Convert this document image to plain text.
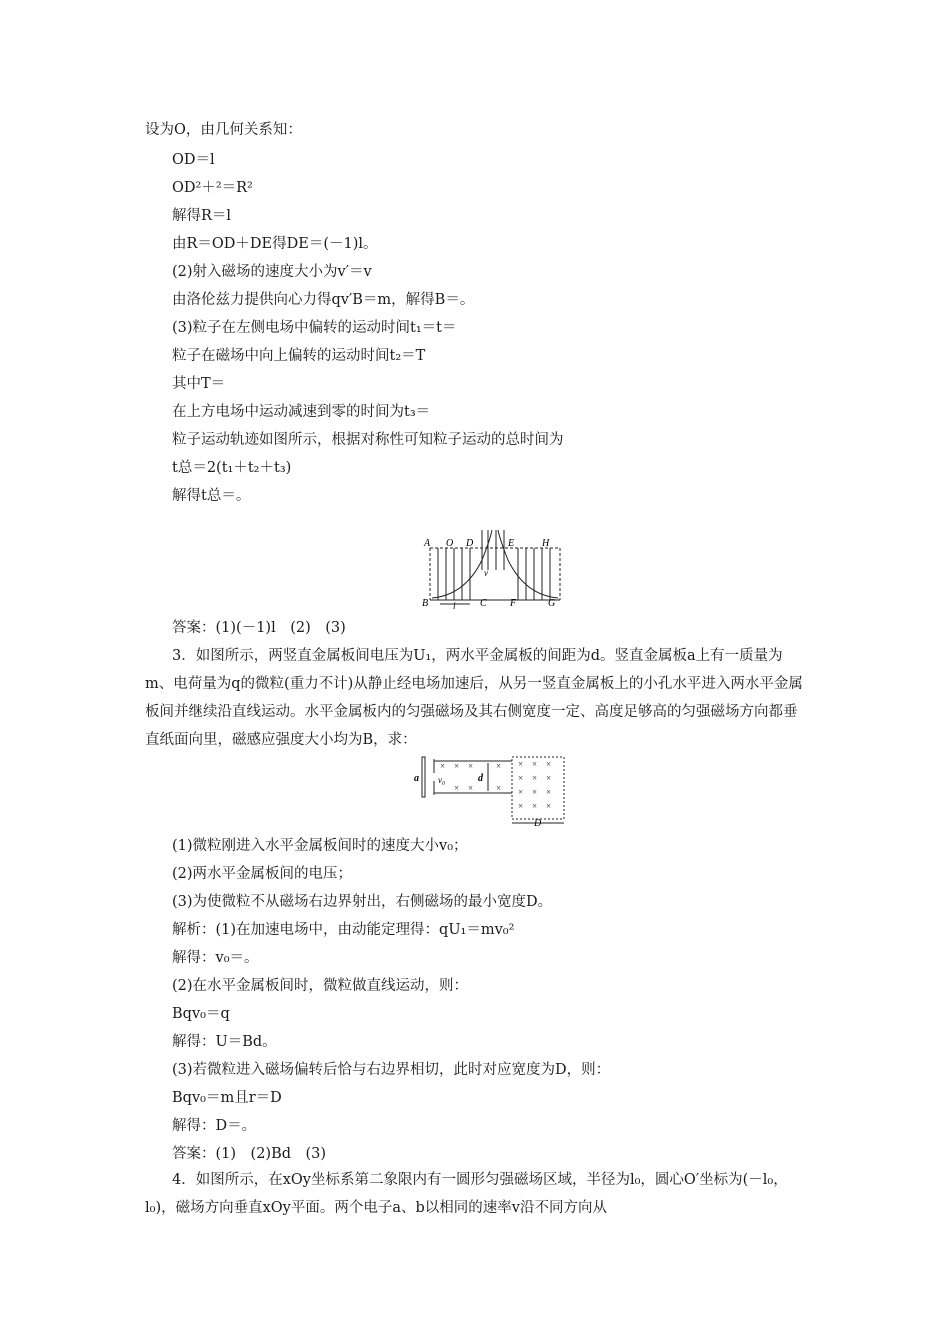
设为O，由几何关系知：
OD＝l
OD²＋²＝R²
解得R＝l
由R＝OD＋DE得DE＝(－1)l。
(2)射入磁场的速度大小为v′＝v
由洛伦兹力提供向心力得qv′B＝m，解得B＝。
(3)粒子在左侧电场中偏转的运动时间t₁＝t＝
粒子在磁场中向上偏转的运动时间t₂＝T
其中T＝
在上方电场中运动减速到零的时间为t₃＝
粒子运动轨迹如图所示，根据对称性可知粒子运动的总时间为
t总＝2(t₁＋t₂＋t₃)
解得t总＝。
A O D	E	H
B	C F	G
v
l
答案：(1)(－1)l　(2)　(3)
3．如图所示，两竖直金属板间电压为U₁，两水平金属板的间距为d。竖直金属板a上有一质量为m、电荷量为q的微粒(重力不计)从静止经电场加速后，从另一竖直金属板上的小孔水平进入两水平金属板间并继续沿直线运动。水平金属板内的匀强磁场及其右侧宽度一定、高度足够高的匀强磁场方向都垂直纸面向里，磁感应强度大小均为B，求：
× × ×	× × × ×
× × ×
× ×	× × × ×
× × ×
a v₀	d
D
(1)微粒刚进入水平金属板间时的速度大小v₀；
(2)两水平金属板间的电压；
(3)为使微粒不从磁场右边界射出，右侧磁场的最小宽度D。
解析：(1)在加速电场中，由动能定理得：qU₁＝mv₀²
解得：v₀＝。
(2)在水平金属板间时，微粒做直线运动，则：
Bqv₀＝q
解得：U＝Bd。
(3)若微粒进入磁场偏转后恰与右边界相切，此时对应宽度为D，则：
Bqv₀＝m且r＝D
解得：D＝。
答案：(1)　(2)Bd　(3)
4．如图所示，在xOy坐标系第二象限内有一圆形匀强磁场区域，半径为l₀，圆心O′坐标为(－l₀，l₀)，磁场方向垂直xOy平面。两个电子a、b以相同的速率v沿不同方向从
